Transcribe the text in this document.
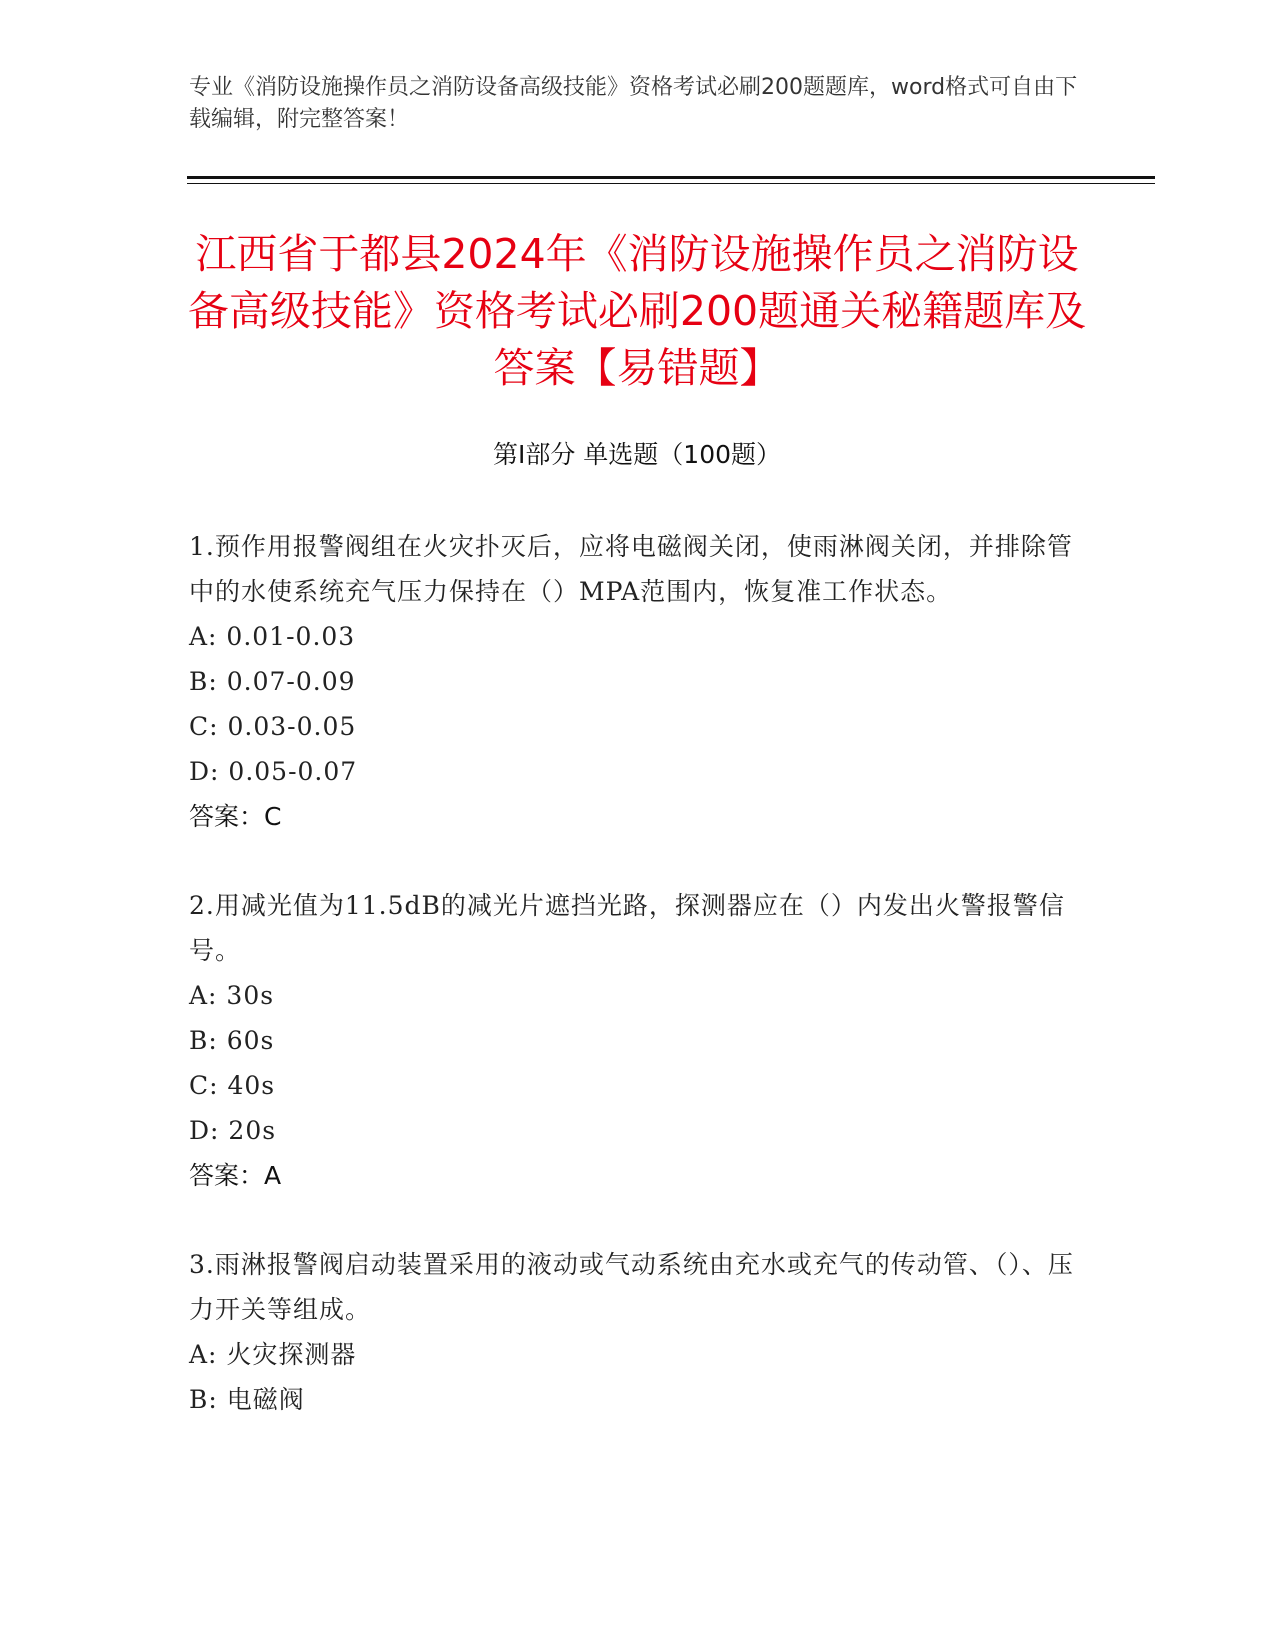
专业《消防设施操作员之消防设备高级技能》资格考试必刷200题题库，word格式可自由下载编辑，附完整答案！
江西省于都县2024年《消防设施操作员之消防设备高级技能》资格考试必刷200题通关秘籍题库及答案【易错题】
第I部分 单选题（100题）
1.预作用报警阀组在火灾扑灭后，应将电磁阀关闭，使雨淋阀关闭，并排除管中的水使系统充气压力保持在（）MPA范围内，恢复准工作状态。
A: 0.01-0.03
B: 0.07-0.09
C: 0.03-0.05
D: 0.05-0.07
答案：C
2.用减光值为11.5dB的减光片遮挡光路，探测器应在（）内发出火警报警信号。
A: 30s
B: 60s
C: 40s
D: 20s
答案：A
3.雨淋报警阀启动装置采用的液动或气动系统由充水或充气的传动管、（）、压力开关等组成。
A: 火灾探测器
B: 电磁阀
